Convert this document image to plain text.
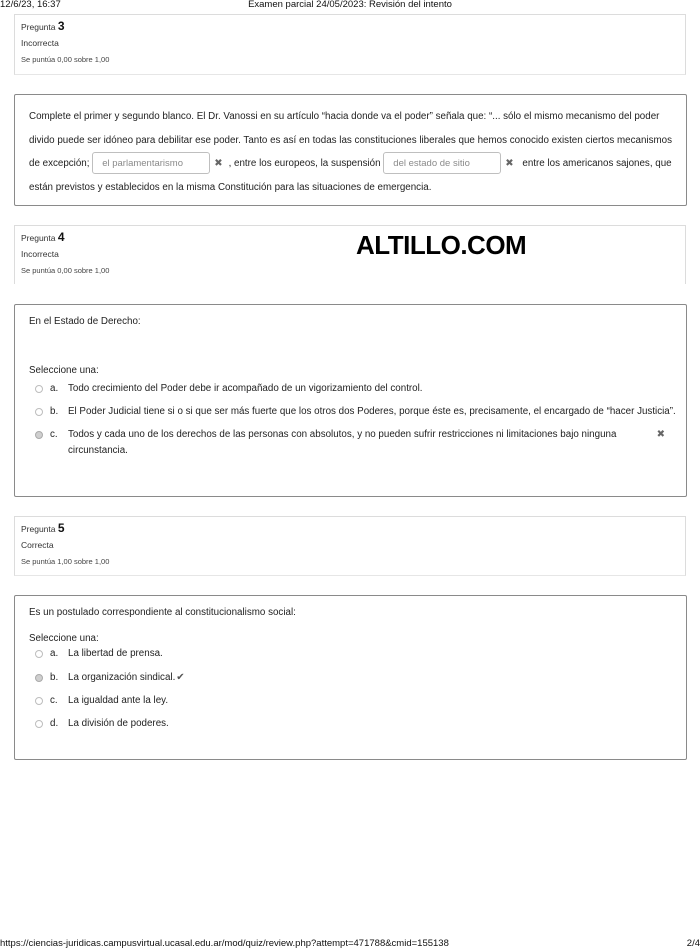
12/6/23, 16:37	Examen parcial 24/05/2023: Revisión del intento
Pregunta 3
Incorrecta
Se puntúa 0,00 sobre 1,00
Complete el primer y segundo blanco. El Dr. Vanossi en su artículo “hacia donde va el poder” señala que: “... sólo el mismo mecanismo del poder divido puede ser idóneo para debilitar ese poder. Tanto es así en todas las constituciones liberales que hemos conocido existen ciertos mecanismos de excepción; el parlamentarismo	✖ , entre los europeos, la suspensión del estado de sitio	✖ entre los americanos sajones, que están previstos y establecidos en la misma Constitución para las situaciones de emergencia.
Pregunta 4
Incorrecta
Se puntúa 0,00 sobre 1,00
ALTILLO.COM
En el Estado de Derecho:
Seleccione una:
a.	Todo crecimiento del Poder debe ir acompañado de un vigorizamiento del control.
b.	El Poder Judicial tiene si o si que ser más fuerte que los otros dos Poderes, porque éste es, precisamente, el encargado de “hacer Justicia”.
c.	Todos y cada uno de los derechos de las personas con absolutos, y no pueden sufrir restricciones ni limitaciones bajo ninguna circunstancia.
✖
Pregunta 5
Correcta
Se puntúa 1,00 sobre 1,00
Es un postulado correspondiente al constitucionalismo social:
Seleccione una:
a.	La libertad de prensa.
b.	La organización sindical.✔
c.	La igualdad ante la ley.
d.	La división de poderes.
https://ciencias-juridicas.campusvirtual.ucasal.edu.ar/mod/quiz/review.php?attempt=471788&cmid=155138	2/4
